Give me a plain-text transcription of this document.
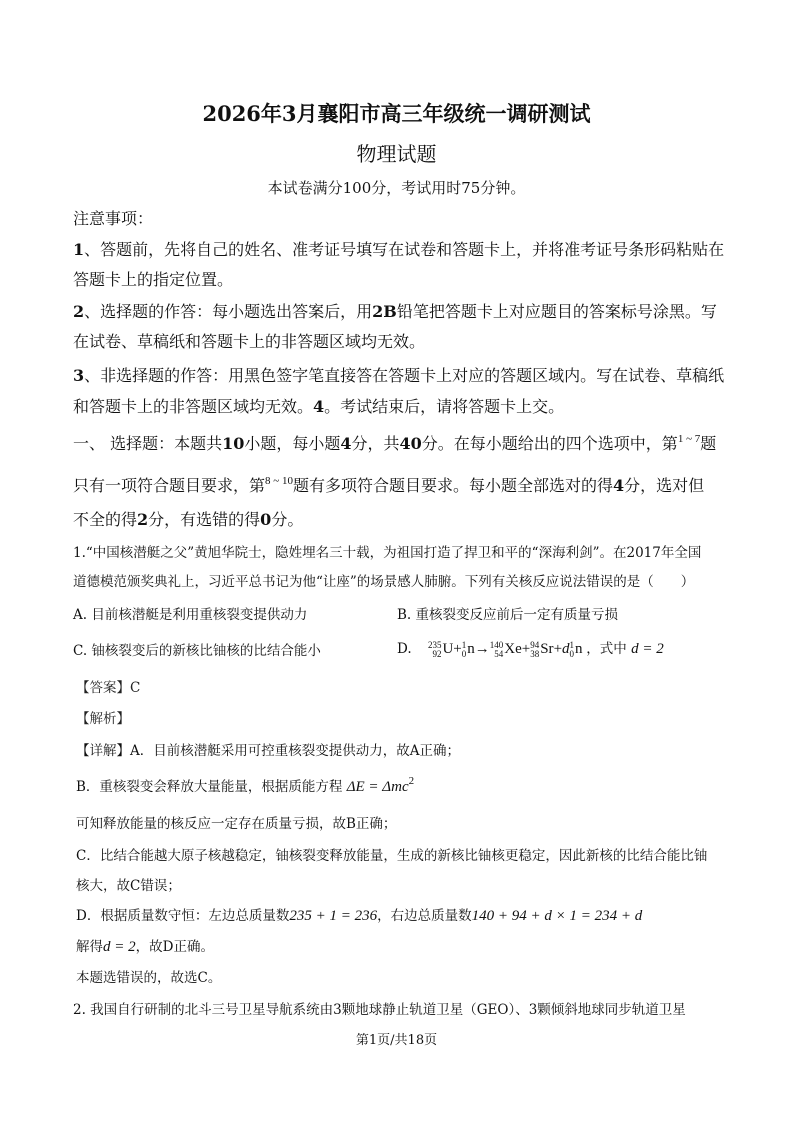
2026年3月襄阳市高三年级统一调研测试
物理试题
本试卷满分100分，考试用时75分钟。
注意事项：
1、答题前，先将自己的姓名、准考证号填写在试卷和答题卡上，并将准考证号条形码粘贴在
答题卡上的指定位置。
2、选择题的作答：每小题选出答案后，用2B铅笔把答题卡上对应题目的答案标号涂黑。写
在试卷、草稿纸和答题卡上的非答题区域均无效。
3、非选择题的作答：用黑色签字笔直接答在答题卡上对应的答题区域内。写在试卷、草稿纸
和答题卡上的非答题区域均无效。4。考试结束后，请将答题卡上交。
一、 选择题：本题共10小题，每小题4分，共40分。在每小题给出的四个选项中，第$^{1 \sim 7}$题
只有一项符合题目要求，第$^{8 \sim 10}$题有多项符合题目要求。每小题全部选对的得4分，选对但
不全的得2分，有选错的得0分。
1.“中国核潜艇之父”黄旭华院士，隐姓埋名三十载，为祖国打造了捍卫和平的“深海利剑”。在2017年全国
道德模范颁奖典礼上，习近平总书记为他“让座”的场景感人肺腑。下列有关核反应说法错误的是（　　）
A. 目前核潜艇是利用重核裂变提供动力	B. 重核裂变反应前后一定有质量亏损
C. 铀核裂变后的新核比铀核的比结合能小	D. 235
92 U+ 1
0 n→ 140
54 Xe+ 94
38 Sr+d 1
0 n ，式中 d = 2
【答案】C
【解析】
【详解】A．目前核潜艇采用可控重核裂变提供动力，故A正确；
B．重核裂变会释放大量能量，根据质能方程 ΔE = Δmc$^2$
可知释放能量的核反应一定存在质量亏损，故B正确；
C．比结合能越大原子核越稳定，铀核裂变释放能量，生成的新核比铀核更稳定，因此新核的比结合能比铀
核大，故C错误；
D．根据质量数守恒：左边总质量数235 + 1 = 236，右边总质量数140 + 94 + d × 1 = 234 + d
解得d = 2，故D正确。
本题选错误的，故选C。
2. 我国自行研制的北斗三号卫星导航系统由3颗地球静止轨道卫星（GEO）、3颗倾斜地球同步轨道卫星
第1页/共18页
